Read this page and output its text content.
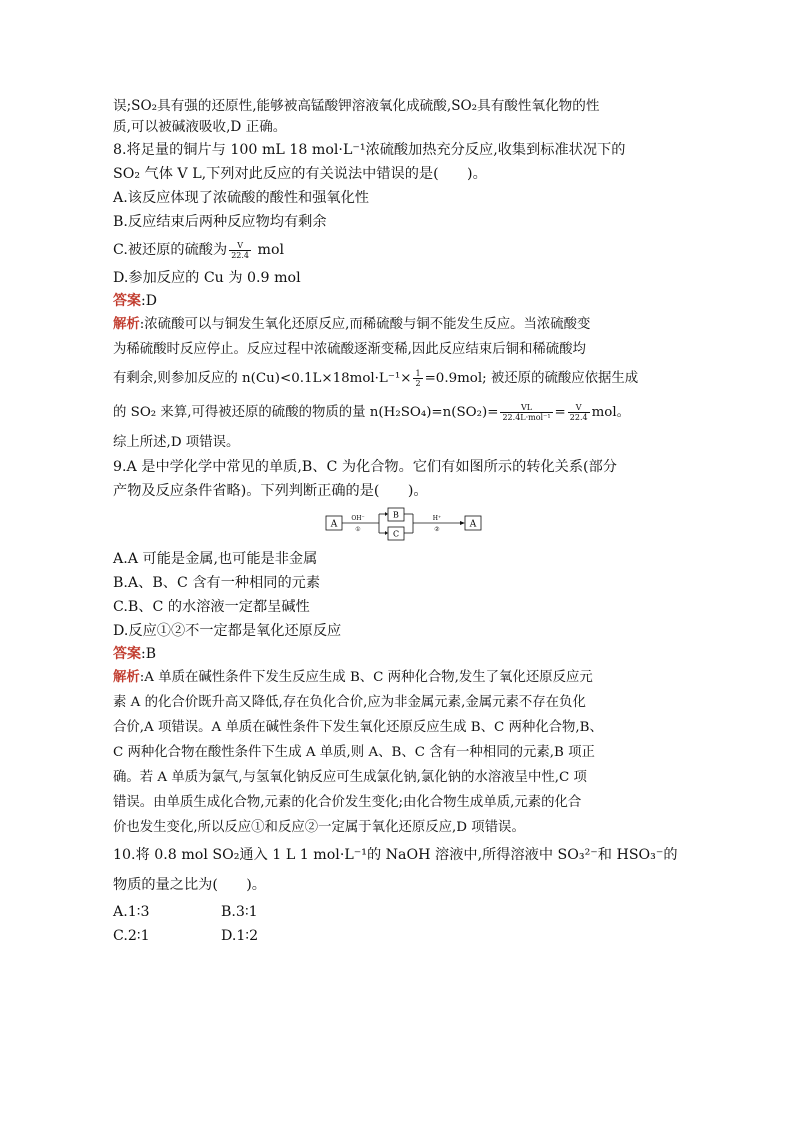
误;SO₂具有强的还原性,能够被高锰酸钾溶液氧化成硫酸,SO₂具有酸性氧化物的性
质,可以被碱液吸收,D 正确。
8.将足量的铜片与 100 mL 18 mol·L⁻¹浓硫酸加热充分反应,收集到标准状况下的
SO₂ 气体 V L,下列对此反应的有关说法中错误的是(　　)。
A.该反应体现了浓硫酸的酸性和强氧化性
B.反应结束后两种反应物均有剩余
C.被还原的硫酸为 $\frac{V}{22.4}$ mol
D.参加反应的 Cu 为 0.9 mol
答案:D
解析:浓硫酸可以与铜发生氧化还原反应,而稀硫酸与铜不能发生反应。当浓硫酸变
为稀硫酸时反应停止。反应过程中浓硫酸逐渐变稀,因此反应结束后铜和稀硫酸均
有剩余,则参加反应的 $n(Cu)<0.1L\times 18mol\cdot L^{-1}\times \frac{1}{2} =0.9mol$; 被还原的硫酸应依据生成
的 SO₂ 来算,可得被还原的硫酸的物质的量 $n(H_2SO_4)=n(SO_2)= \frac{VL}{\text{22.4L·mol⁻¹}} = \frac{V}{22.4}$ mol。
综上所述,D 项错误。
9.A 是中学化学中常见的单质,B、C 为化合物。它们有如图所示的转化关系(部分
产物及反应条件省略)。下列判断正确的是(　　)。
A
OH⁻
①
B
C
H⁺
②	A
A.A 可能是金属,也可能是非金属
B.A、B、C 含有一种相同的元素
C.B、C 的水溶液一定都呈碱性
D.反应①②不一定都是氧化还原反应
答案:B
解析:A 单质在碱性条件下发生反应生成 B、C 两种化合物,发生了氧化还原反应元
素 A 的化合价既升高又降低,存在负化合价,应为非金属元素,金属元素不存在负化
合价,A 项错误。A 单质在碱性条件下发生氧化还原反应生成 B、C 两种化合物,B、
C 两种化合物在酸性条件下生成 A 单质,则 A、B、C 含有一种相同的元素,B 项正
确。若 A 单质为氯气,与氢氧化钠反应可生成氯化钠,氯化钠的水溶液呈中性,C 项
错误。由单质生成化合物,元素的化合价发生变化;由化合物生成单质,元素的化合
价也发生变化,所以反应①和反应②一定属于氧化还原反应,D 项错误。
10.将 0.8 mol SO₂通入 1 L 1 mol·L⁻¹的 NaOH 溶液中,所得溶液中 SO₃²⁻和 HSO₃⁻的
物质的量之比为(　　)。
A.1∶3	B.3∶1
C.2∶1	D.1∶2
